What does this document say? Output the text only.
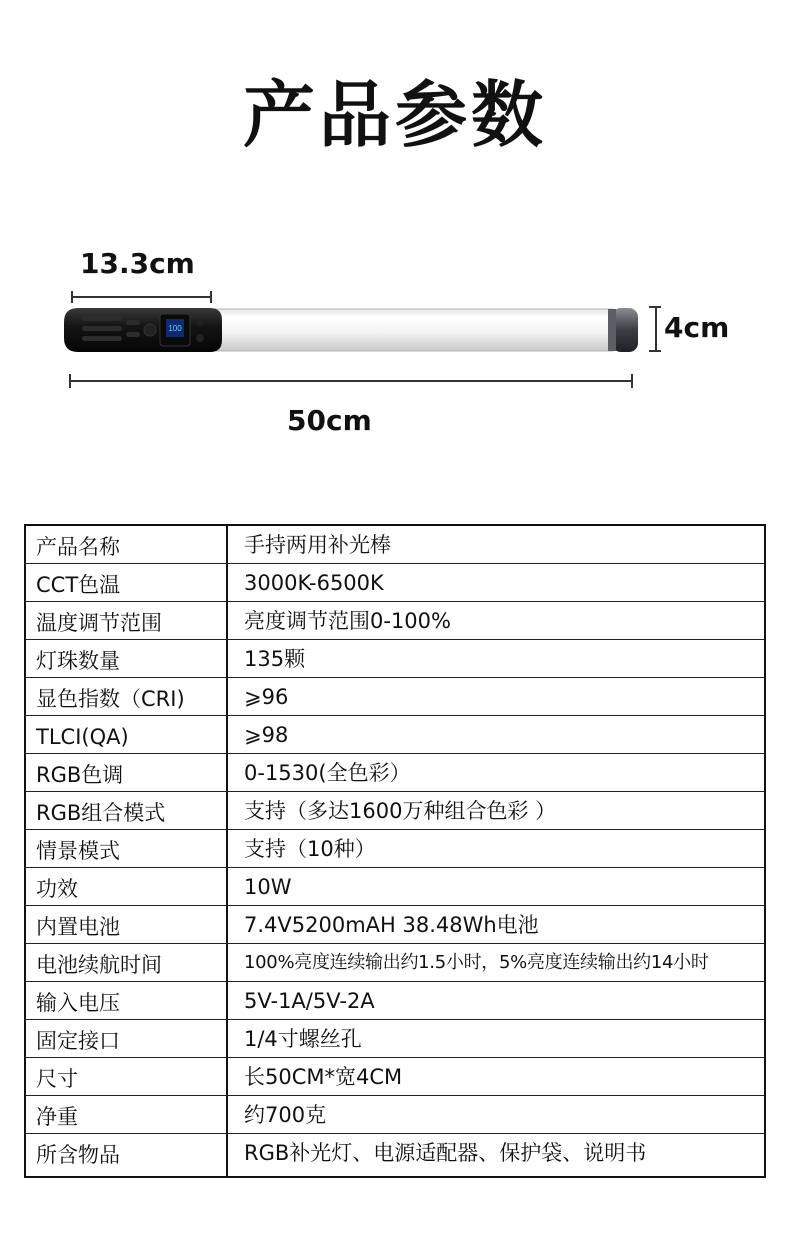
产品参数
13.3cm
100	4cm
50cm
产品名称	手持两用补光棒
CCT色温	3000K-6500K
温度调节范围	亮度调节范围0-100%
灯珠数量	135颗
显色指数（CRI)	⩾96
TLCI(QA)	⩾98
RGB色调	0-1530(全色彩）
RGB组合模式	支持（多达1600万种组合色彩 ）
情景模式	支持（10种）
功效	10W
内置电池	7.4V5200mAH 38.48Wh电池
电池续航时间	100%亮度连续输出约1.5小时，5%亮度连续输出约14小时
输入电压	5V-1A/5V-2A
固定接口	1/4寸螺丝孔
尺寸	长50CM*宽4CM
净重	约700克
所含物品	RGB补光灯、电源适配器、保护袋、说明书
